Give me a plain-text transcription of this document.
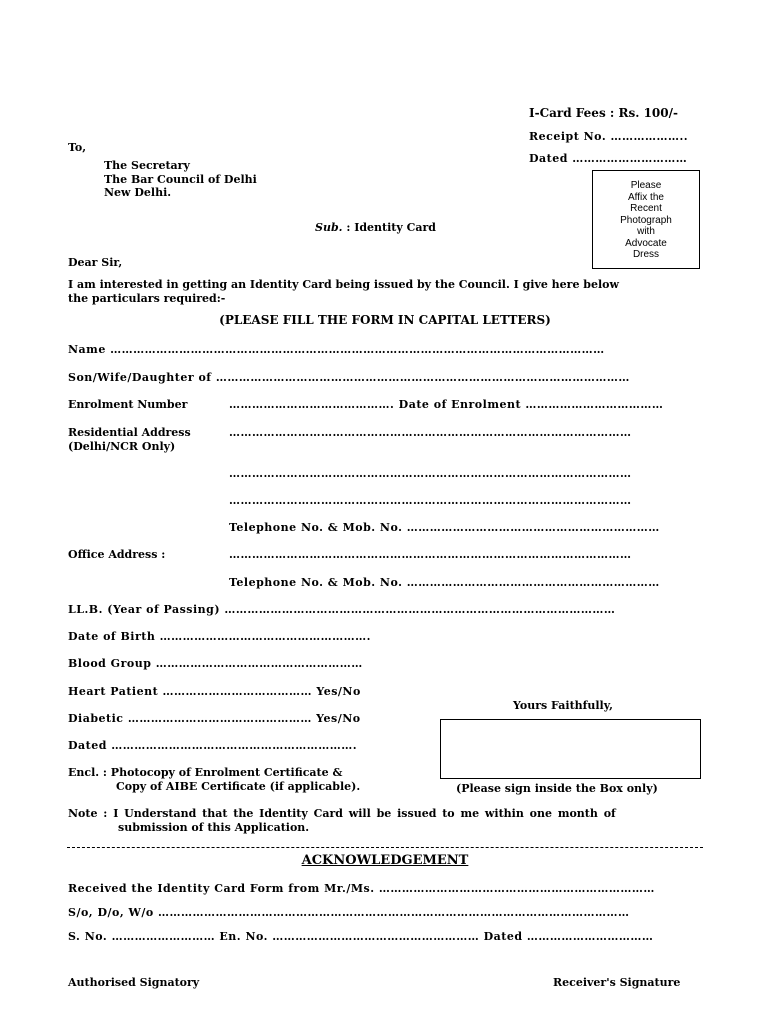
I-Card Fees : Rs. 100/-
Receipt No. ………………..
Dated …………………………
To,
The Secretary
The Bar Council of Delhi
New Delhi.
Please
Affix the
Recent
Photograph
with
Advocate
Dress
Sub. : Identity Card
Dear Sir,
I am interested in getting an Identity Card being issued by the Council. I give here below
the particulars required:-
(PLEASE FILL THE FORM IN CAPITAL LETTERS)
Name …………………………………………………………………………………………………………………
Son/Wife/Daughter of ………………………………………………………………………………………………
Enrolment Number	……………………………………. Date of Enrolment ………………………………
Residential Address
(Delhi/NCR Only)
……………………………………………………………………………………………
……………………………………………………………………………………………
……………………………………………………………………………………………
Telephone No. & Mob. No. …………………………………………………………
Office Address :	……………………………………………………………………………………………
Telephone No. & Mob. No. …………………………………………………………
LL.B. (Year of Passing) …………………………………………………………………………………………
Date of Birth ……………………………………………….
Blood Group ………………………………………………
Heart Patient ………………………………… Yes/No
Diabetic ………………………………………… Yes/No
Dated ……………………………………………………….
Encl. : Photocopy of Enrolment Certificate &
Copy of AIBE Certificate (if applicable).
Yours Faithfully,
(Please sign inside the Box only)
Note : I Understand that the Identity Card will be issued to me within one month of
submission of this Application.
ACKNOWLEDGEMENT
Received the Identity Card Form from Mr./Ms. ………………………………………………………………
S/o, D/o, W/o ……………………………………………………………………………………………………………
S. No. ……………………… En. No. ……………………………………………… Dated ……………………………
Authorised Signatory	Receiver's Signature
